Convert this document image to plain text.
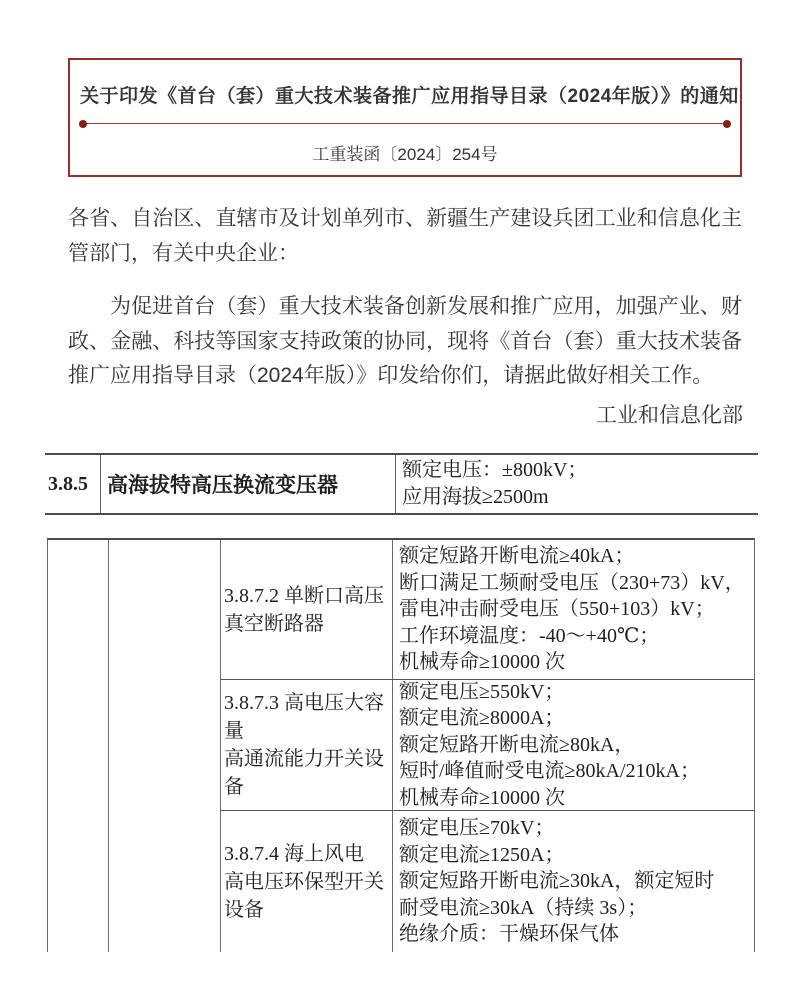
关于印发《首台（套）重大技术装备推广应用指导目录（2024年版）》的通知
工重装函〔2024〕254号
各省、自治区、直辖市及计划单列市、新疆生产建设兵团工业和信息化主管部门，有关中央企业：
为促进首台（套）重大技术装备创新发展和推广应用，加强产业、财政、金融、科技等国家支持政策的协同，现将《首台（套）重大技术装备推广应用指导目录（2024年版）》印发给你们，请据此做好相关工作。
工业和信息化部
3.8.5 高海拔特高压换流变压器
额定电压：±800kV；
应用海拔≥2500m
3.8.7.2 单断口高压
真空断路器
额定短路开断电流≥40kA；
断口满足工频耐受电压（230+73）kV，
雷电冲击耐受电压（550+103）kV；
工作环境温度：-40～+40℃；
机械寿命≥10000 次
3.8.7.3 高电压大容量
高通流能力开关设备
额定电压≥550kV；
额定电流≥8000A；
额定短路开断电流≥80kA，
短时/峰值耐受电流≥80kA/210kA；
机械寿命≥10000 次
3.8.7.4 海上风电
高电压环保型开关
设备
额定电压≥70kV；
额定电流≥1250A；
额定短路开断电流≥30kA，额定短时
耐受电流≥30kA（持续 3s）；
绝缘介质：干燥环保气体
